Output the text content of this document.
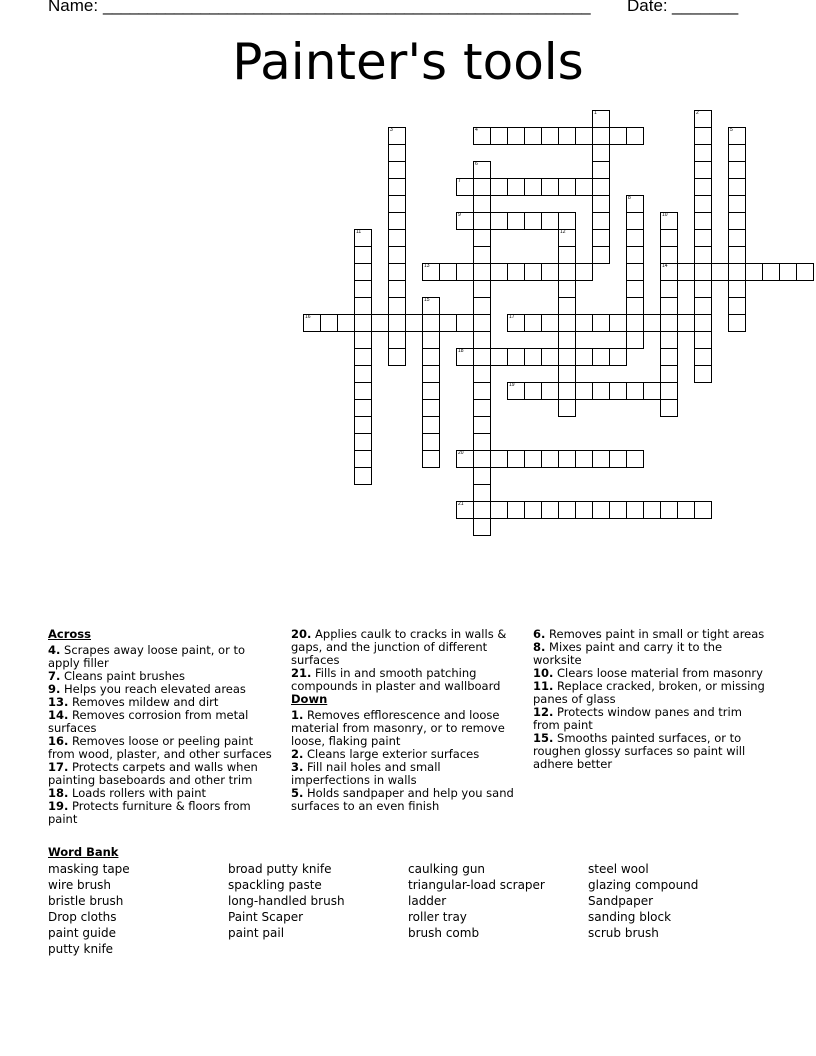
Name: _______________________________________________________ Date: _______
Painter's tools
1	2
3	4	5
6
7
8
9	10
14
11	12
13
15
16	17
18
19
20
21
Across
4. Scrapes away loose paint, or to apply filler
7. Cleans paint brushes
9. Helps you reach elevated areas
13. Removes mildew and dirt
14. Removes corrosion from metal surfaces
16. Removes loose or peeling paint from wood, plaster, and other surfaces
17. Protects carpets and walls when painting baseboards and other trim
18. Loads rollers with paint
19. Protects furniture & floors from paint
20. Applies caulk to cracks in walls & gaps, and the junction of different surfaces
21. Fills in and smooth patching compounds in plaster and wallboard
Down
1. Removes efflorescence and loose material from masonry, or to remove loose, flaking paint
2. Cleans large exterior surfaces
3. Fill nail holes and small imperfections in walls
5. Holds sandpaper and help you sand surfaces to an even finish
6. Removes paint in small or tight areas
8. Mixes paint and carry it to the worksite
10. Clears loose material from masonry
11. Replace cracked, broken, or missing panes of glass
12. Protects window panes and trim from paint
15. Smooths painted surfaces, or to roughen glossy surfaces so paint will adhere better
Word Bank
masking tape
wire brush
bristle brush
Drop cloths
paint guide
putty knife
broad putty knife
spackling paste
long-handled brush
Paint Scaper
paint pail
caulking gun
triangular-load scraper
ladder
roller tray
brush comb
steel wool
glazing compound
Sandpaper
sanding block
scrub brush
